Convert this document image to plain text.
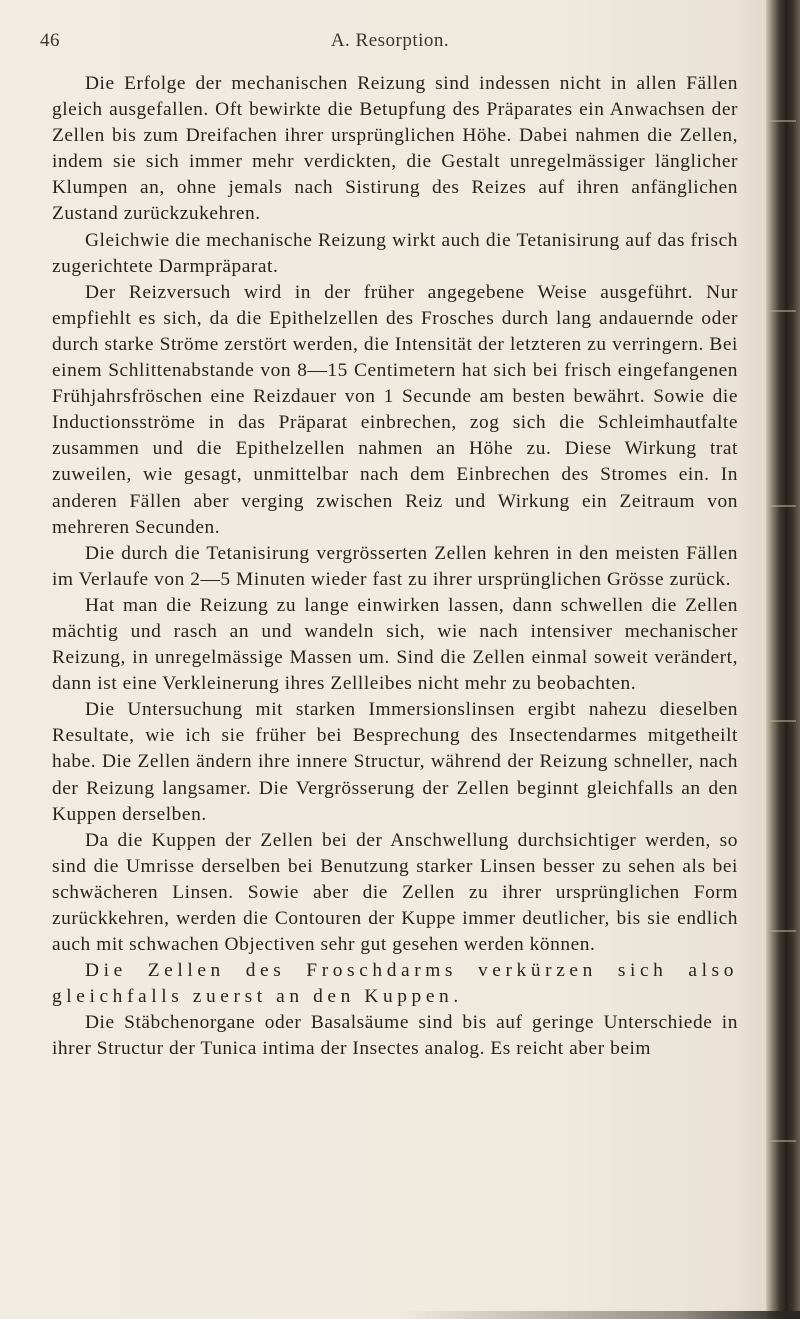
46	A. Resorption.

Die Erfolge der mechanischen Reizung sind indessen nicht in allen Fällen gleich ausgefallen. Oft bewirkte die Betupfung des Präparates ein Anwachsen der Zellen bis zum Dreifachen ihrer ursprünglichen Höhe. Dabei nahmen die Zellen, indem sie sich immer mehr verdickten, die Gestalt unregelmässiger länglicher Klumpen an, ohne jemals nach Sistirung des Reizes auf ihren anfänglichen Zustand zurückzukehren.

Gleichwie die mechanische Reizung wirkt auch die Tetanisirung auf das frisch zugerichtete Darmpräparat.

Der Reizversuch wird in der früher angegebene Weise ausgeführt. Nur empfiehlt es sich, da die Epithelzellen des Frosches durch lang andauernde oder durch starke Ströme zerstört werden, die Intensität der letzteren zu verringern. Bei einem Schlittenabstande von 8—15 Centimetern hat sich bei frisch eingefangenen Frühjahrsfröschen eine Reizdauer von 1 Secunde am besten bewährt. Sowie die Inductionsströme in das Präparat einbrechen, zog sich die Schleimhautfalte zusammen und die Epithelzellen nahmen an Höhe zu. Diese Wirkung trat zuweilen, wie gesagt, unmittelbar nach dem Einbrechen des Stromes ein. In anderen Fällen aber verging zwischen Reiz und Wirkung ein Zeitraum von mehreren Secunden.

Die durch die Tetanisirung vergrösserten Zellen kehren in den meisten Fällen im Verlaufe von 2—5 Minuten wieder fast zu ihrer ursprünglichen Grösse zurück.

Hat man die Reizung zu lange einwirken lassen, dann schwellen die Zellen mächtig und rasch an und wandeln sich, wie nach intensiver mechanischer Reizung, in unregelmässige Massen um. Sind die Zellen einmal soweit verändert, dann ist eine Verkleinerung ihres Zellleibes nicht mehr zu beobachten.

Die Untersuchung mit starken Immersionslinsen ergibt nahezu dieselben Resultate, wie ich sie früher bei Besprechung des Insectendarmes mitgetheilt habe. Die Zellen ändern ihre innere Structur, während der Reizung schneller, nach der Reizung langsamer. Die Vergrösserung der Zellen beginnt gleichfalls an den Kuppen derselben.

Da die Kuppen der Zellen bei der Anschwellung durchsichtiger werden, so sind die Umrisse derselben bei Benutzung starker Linsen besser zu sehen als bei schwächeren Linsen. Sowie aber die Zellen zu ihrer ursprünglichen Form zurückkehren, werden die Contouren der Kuppe immer deutlicher, bis sie endlich auch mit schwachen Objectiven sehr gut gesehen werden können.

Die Zellen des Froschdarms verkürzen sich also gleichfalls zuerst an den Kuppen.

Die Stäbchenorgane oder Basalsäume sind bis auf geringe Unterschiede in ihrer Structur der Tunica intima der Insectes analog. Es reicht aber beim
